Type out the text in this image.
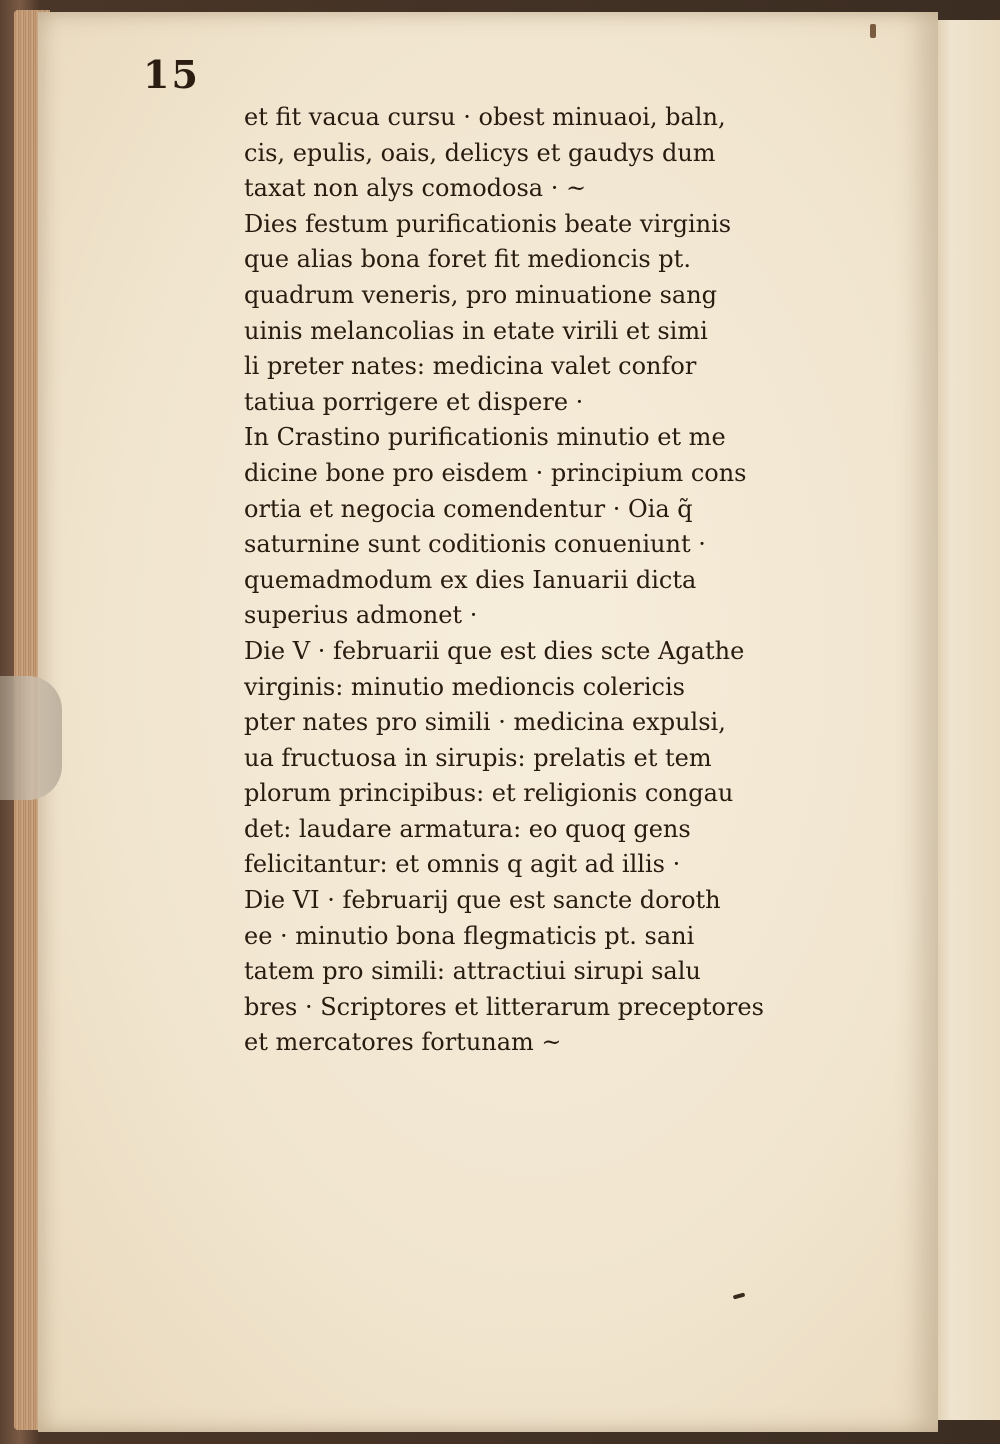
15
et fit vacua cursu · obest minuaoi, baln,
cis, epulis, oais, delicys et gaudys dum
taxat non alys comodosa · ~
Dies festum purificationis beate virginis
que alias bona foret fit medioncis pt.
quadrum veneris, pro minuatione sang
uinis melancolias in etate virili et simi
li preter nates: medicina valet confor
tatiua porrigere et dispere ·
In Crastino purificationis minutio et me
dicine bone pro eisdem · principium cons
ortia et negocia comendentur · Oia q̃
saturnine sunt coditionis conueniunt ·
quemadmodum ex dies Ianuarii dicta
superius admonet ·
Die V · februarii que est dies scte Agathe
virginis: minutio medioncis colericis
pter nates pro simili · medicina expulsi,
ua fructuosa in sirupis: prelatis et tem
plorum principibus: et religionis congau
det: laudare armatura: eo quoq gens
felicitantur: et omnis q agit ad illis ·
Die VI · februarij que est sancte doroth
ee · minutio bona flegmaticis pt. sani
tatem pro simili: attractiui sirupi salu
bres · Scriptores et litterarum preceptores
et mercatores fortunam ~
